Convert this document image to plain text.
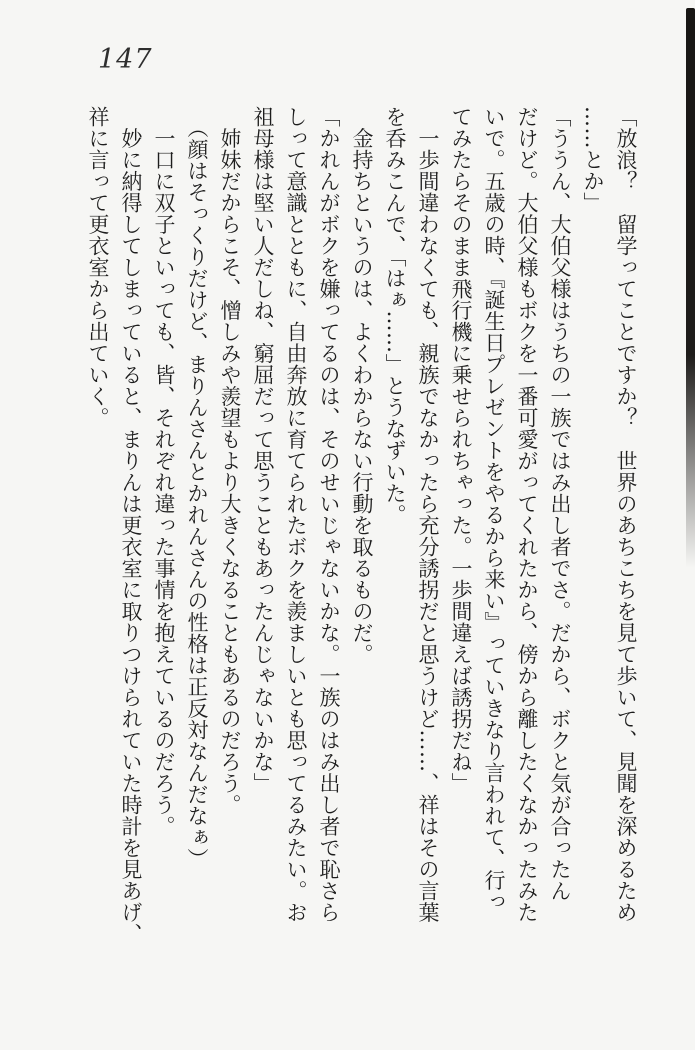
147

「放浪？　留学ってことですか？　世界のあちこちを見て歩いて、見聞を深めるため

……とか」

「ううん、大伯父様はうちの一族ではみ出し者でさ。だから、ボクと気が合ったん

だけど。大伯父様もボクを一番可愛がってくれたから、傍から離したくなかったみた

いで。五歳の時、『誕生日プレゼントをやるから来い』っていきなり言われて、行っ

てみたらそのまま飛行機に乗せられちゃった。一歩間違えば誘拐だね」

　一歩間違わなくても、親族でなかったら充分誘拐だと思うけど……、祥はその言葉

を呑みこんで、「はぁ……」とうなずいた。

　金持ちというのは、よくわからない行動を取るものだ。

「かれんがボクを嫌ってるのは、そのせいじゃないかな。一族のはみ出し者で恥さら

しって意識とともに、自由奔放に育てられたボクを羨ましいとも思ってるみたい。お

祖母様は堅い人だしね、窮屈だって思うこともあったんじゃないかな」

　姉妹だからこそ、憎しみや羨望もより大きくなることもあるのだろう。

　（顔はそっくりだけど、まりんさんとかれんさんの性格は正反対なんだなぁ）

　一口に双子といっても、皆、それぞれ違った事情を抱えているのだろう。

　妙に納得してしまっていると、まりんは更衣室に取りつけられていた時計を見あげ、

祥に言って更衣室から出ていく。
